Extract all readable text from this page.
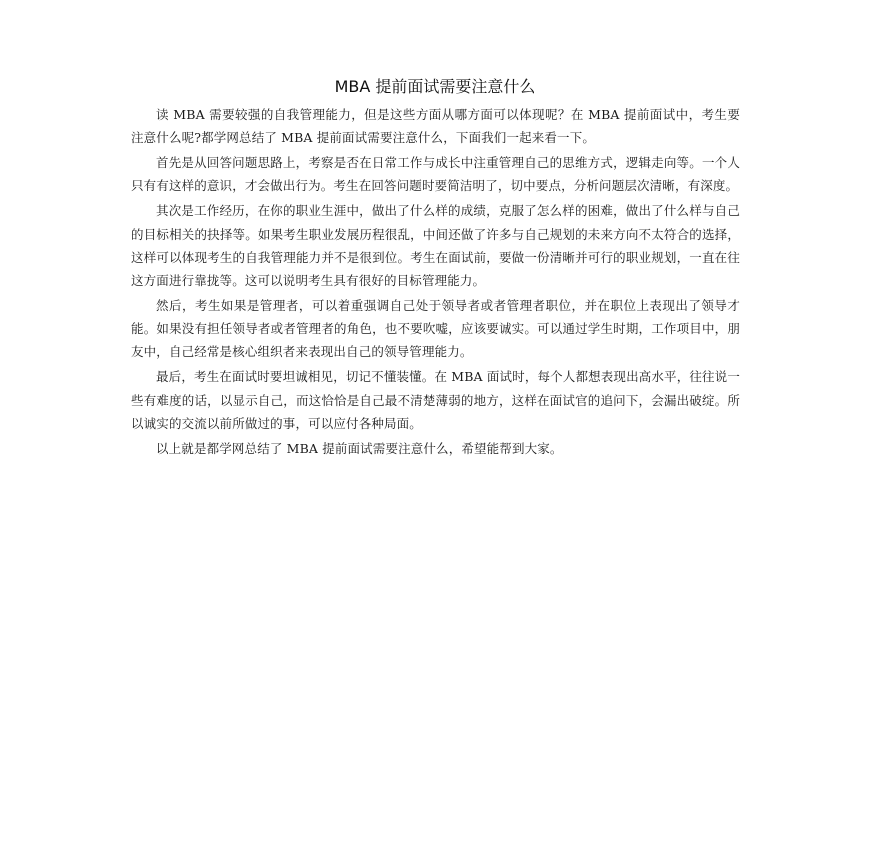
MBA 提前面试需要注意什么

读 MBA 需要较强的自我管理能力，但是这些方面从哪方面可以体现呢？在 MBA 提前面试中，考生要注意什么呢?都学网总结了 MBA 提前面试需要注意什么，下面我们一起来看一下。

首先是从回答问题思路上，考察是否在日常工作与成长中注重管理自己的思维方式，逻辑走向等。一个人只有有这样的意识，才会做出行为。考生在回答问题时要简洁明了，切中要点，分析问题层次清晰，有深度。

其次是工作经历，在你的职业生涯中，做出了什么样的成绩，克服了怎么样的困难，做出了什么样与自己的目标相关的抉择等。如果考生职业发展历程很乱，中间还做了许多与自己规划的未来方向不太符合的选择，这样可以体现考生的自我管理能力并不是很到位。考生在面试前，要做一份清晰并可行的职业规划，一直在往这方面进行靠拢等。这可以说明考生具有很好的目标管理能力。

然后，考生如果是管理者，可以着重强调自己处于领导者或者管理者职位，并在职位上表现出了领导才能。如果没有担任领导者或者管理者的角色，也不要吹嘘，应该要诚实。可以通过学生时期，工作项目中，朋友中，自己经常是核心组织者来表现出自己的领导管理能力。

最后，考生在面试时要坦诚相见，切记不懂装懂。在 MBA 面试时，每个人都想表现出高水平，往往说一些有难度的话，以显示自己，而这恰恰是自己最不清楚薄弱的地方，这样在面试官的追问下，会漏出破绽。所以诚实的交流以前所做过的事，可以应付各种局面。

以上就是都学网总结了 MBA 提前面试需要注意什么，希望能帮到大家。
